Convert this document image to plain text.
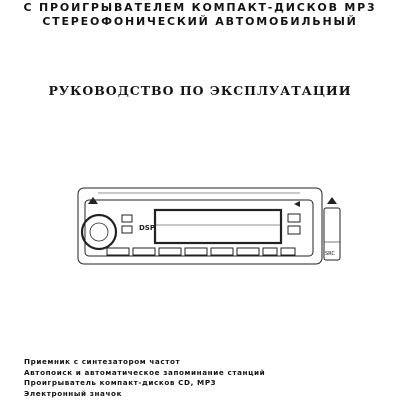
С ПРОИГРЫВАТЕЛЕМ КОМПАКТ-ДИСКОВ MP3
СТЕРЕОФОНИЧЕСКИЙ АВТОМОБИЛЬНЫЙ
РУКОВОДСТВО ПО ЭКСПЛУАТАЦИИ
DSP
SRC
Приемник с синтезатором частот
Автопоиск и автоматическое запоминание станций
Проигрыватель компакт-дисков CD, MP3
Электронный значок
